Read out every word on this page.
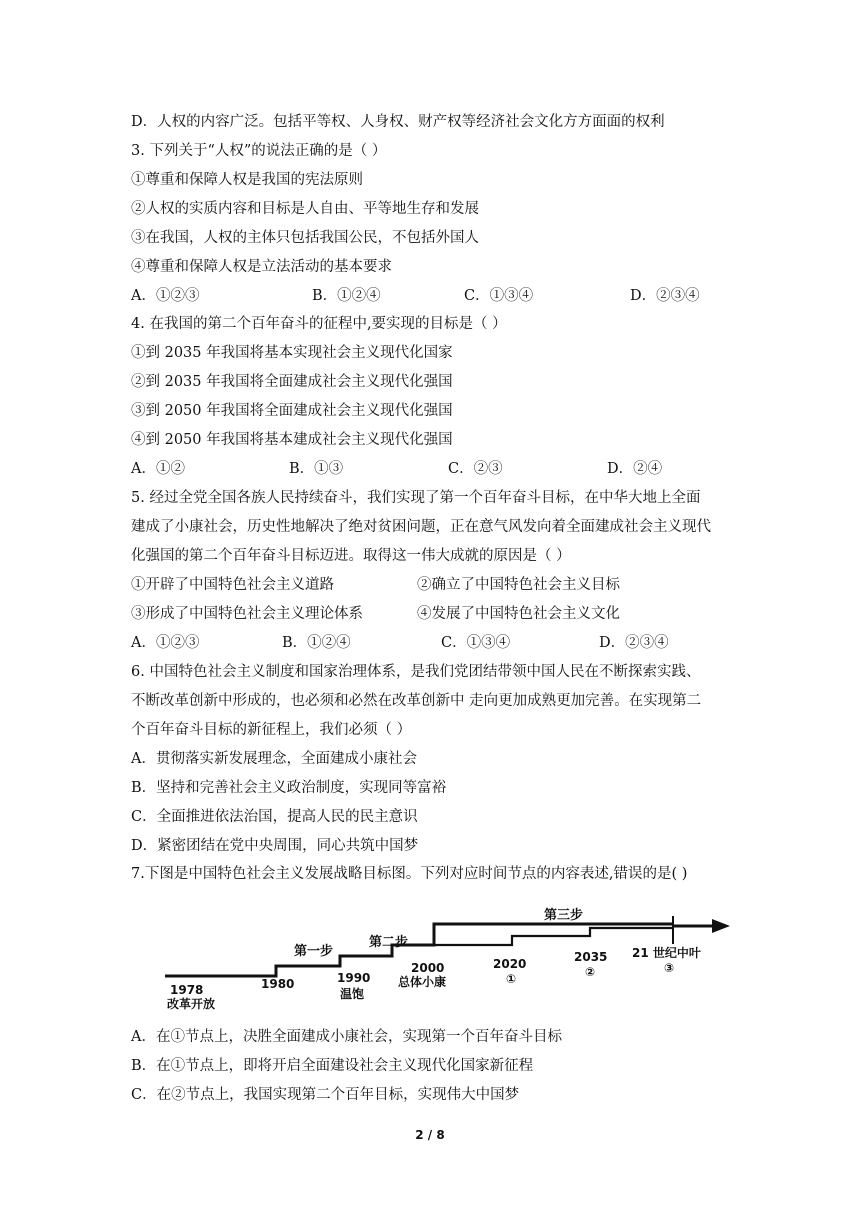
D．人权的内容广泛。包括平等权、人身权、财产权等经济社会文化方方面面的权利
3. 下列关于“人权”的说法正确的是（ ）
①尊重和保障人权是我国的宪法原则
②人权的实质内容和目标是人自由、平等地生存和发展
③在我国，人权的主体只包括我国公民，不包括外国人
④尊重和保障人权是立法活动的基本要求
A．①②③	B．①②④	C．①③④	D．②③④
4. 在我国的第二个百年奋斗的征程中,要实现的目标是（ ）
①到 2035 年我国将基本实现社会主义现代化国家
②到 2035 年我国将全面建成社会主义现代化强国
③到 2050 年我国将全面建成社会主义现代化强国
④到 2050 年我国将基本建成社会主义现代化强国
A．①②	B．①③	C．②③	D．②④
5. 经过全党全国各族人民持续奋斗，我们实现了第一个百年奋斗目标，在中华大地上全面
建成了小康社会，历史性地解决了绝对贫困问题，正在意气风发向着全面建成社会主义现代
化强国的第二个百年奋斗目标迈进。取得这一伟大成就的原因是（ ）
①开辟了中国特色社会主义道路	②确立了中国特色社会主义目标
③形成了中国特色社会主义理论体系	④发展了中国特色社会主义文化
A．①②③	B．①②④	C．①③④	D．②③④
6. 中国特色社会主义制度和国家治理体系，是我们党团结带领中国人民在不断探索实践、
不断改革创新中形成的，也必须和必然在改革创新中 走向更加成熟更加完善。在实现第二
个百年奋斗目标的新征程上，我们必须（ ）
A．贯彻落实新发展理念，全面建成小康社会
B．坚持和完善社会主义政治制度，实现同等富裕
C．全面推进依法治国，提高人民的民主意识
D．紧密团结在党中央周围，同心共筑中国梦
7.下图是中国特色社会主义发展战略目标图。下列对应时间节点的内容表述,错误的是( )
第一步
第二步
第三步
1978	1980	1990
2000	2020	2035 21 世纪中叶
改革开放
温饱
总体小康	①	②	③
A．在①节点上，决胜全面建成小康社会，实现第一个百年奋斗目标
B．在①节点上，即将开启全面建设社会主义现代化国家新征程
C．在②节点上，我国实现第二个百年目标，实现伟大中国梦
2 / 8
